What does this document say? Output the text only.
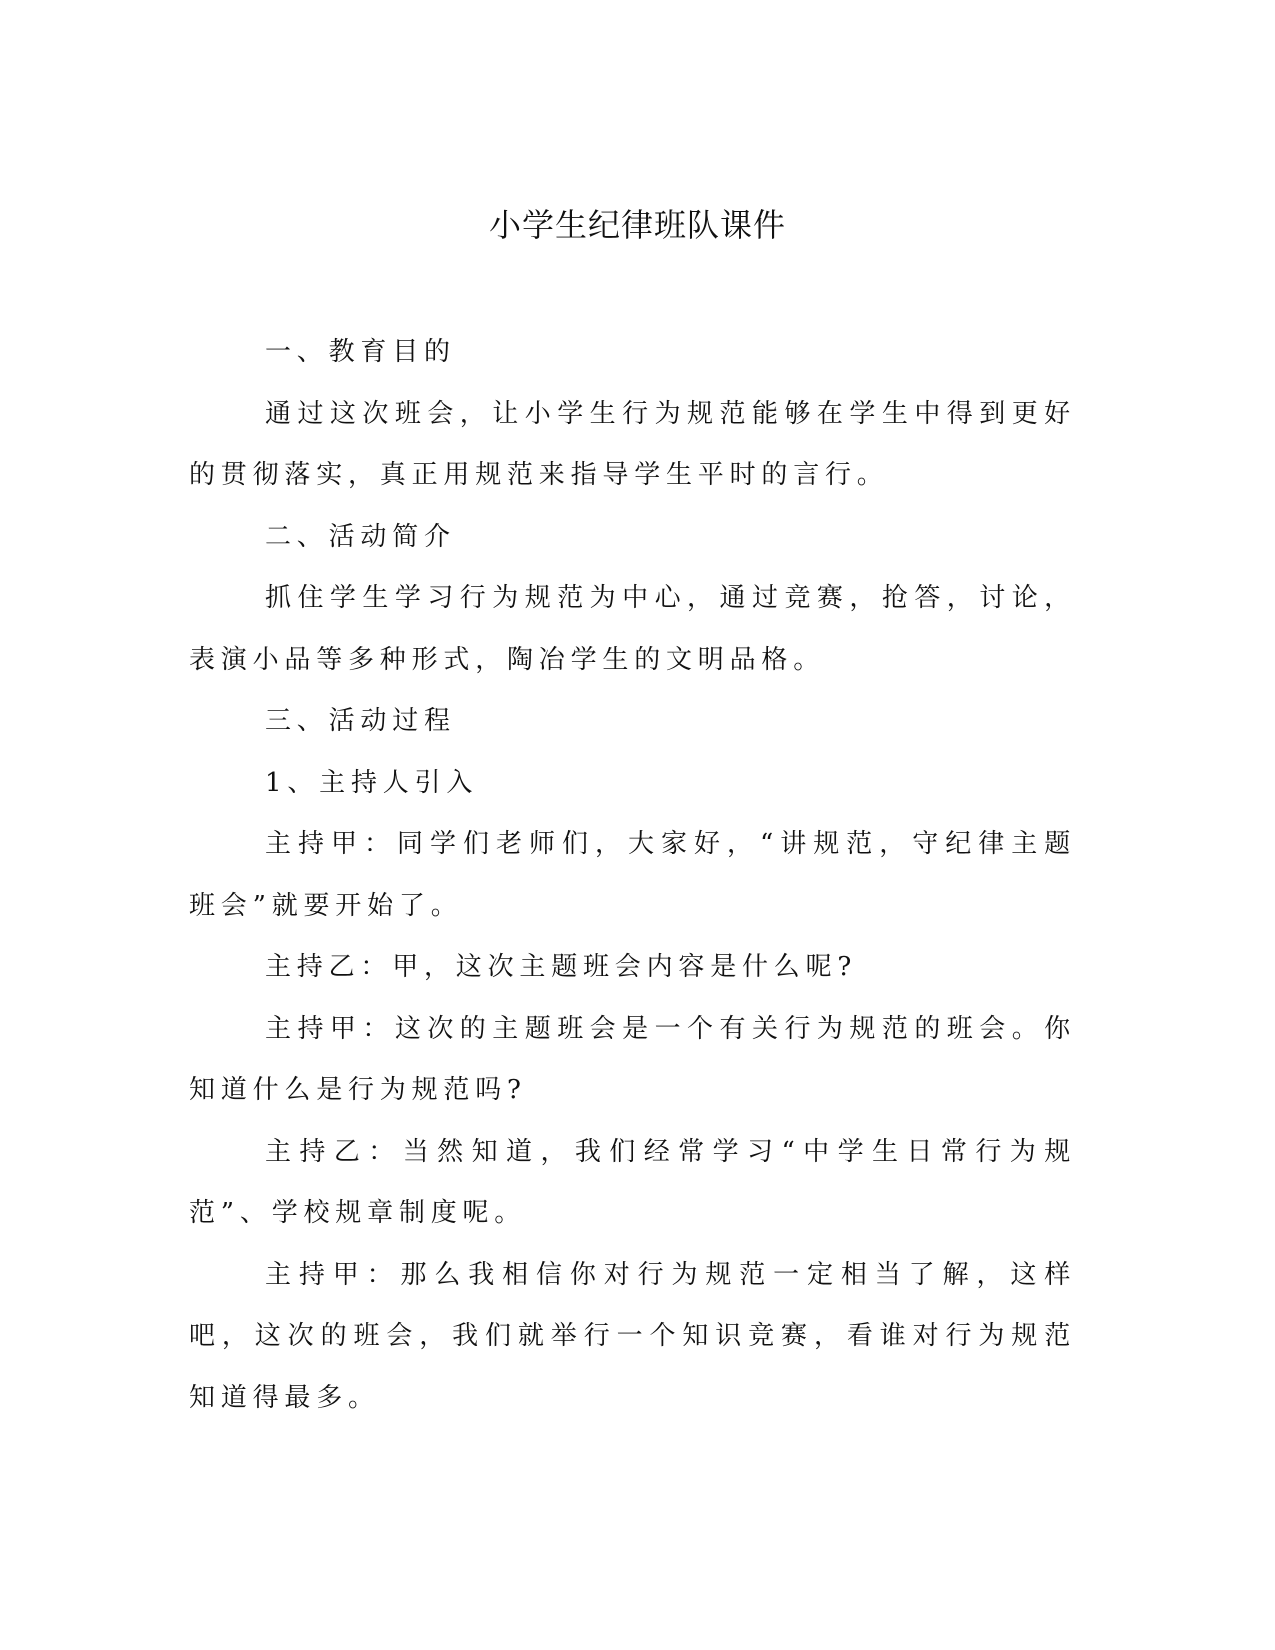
小学生纪律班队课件

一、教育目的

通过这次班会，让小学生行为规范能够在学生中得到更好的贯彻落实，真正用规范来指导学生平时的言行。

二、活动简介

抓住学生学习行为规范为中心，通过竞赛，抢答，讨论，表演小品等多种形式，陶冶学生的文明品格。

三、活动过程

1、主持人引入

主持甲：同学们老师们，大家好，“讲规范，守纪律主题班会”就要开始了。

主持乙：甲，这次主题班会内容是什么呢?

主持甲：这次的主题班会是一个有关行为规范的班会。你知道什么是行为规范吗?

主持乙：当然知道，我们经常学习“中学生日常行为规范”、学校规章制度呢。

主持甲：那么我相信你对行为规范一定相当了解，这样吧，这次的班会，我们就举行一个知识竞赛，看谁对行为规范知道得最多。
